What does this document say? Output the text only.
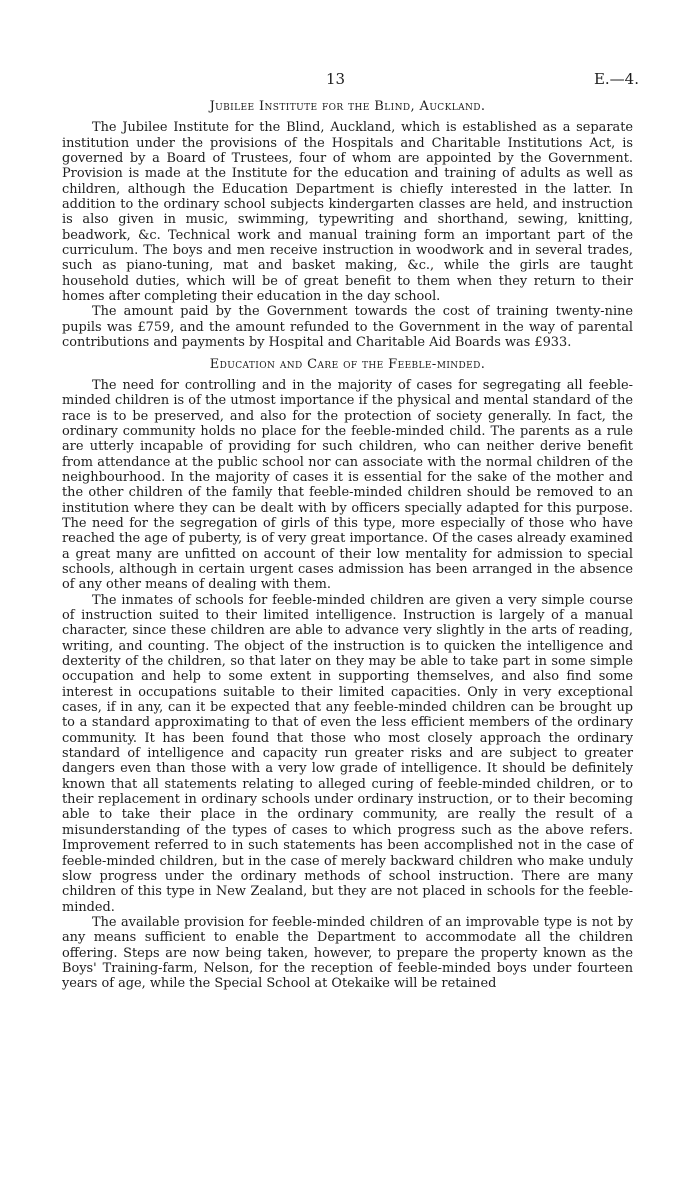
13	E.—4.
Jubilee Institute for the Blind, Auckland.

The Jubilee Institute for the Blind, Auckland, which is established as a separate institution under the provisions of the Hospitals and Charitable Institutions Act, is governed by a Board of Trustees, four of whom are appointed by the Government. Provision is made at the Institute for the education and training of adults as well as children, although the Education Department is chiefly interested in the latter. In addition to the ordinary school subjects kindergarten classes are held, and instruction is also given in music, swimming, typewriting and shorthand, sewing, knitting, beadwork, &c. Technical work and manual training form an important part of the curriculum. The boys and men receive instruction in woodwork and in several trades, such as piano-tuning, mat and basket making, &c., while the girls are taught household duties, which will be of great benefit to them when they return to their homes after completing their education in the day school.

The amount paid by the Government towards the cost of training twenty-nine pupils was £759, and the amount refunded to the Government in the way of parental contributions and payments by Hospital and Charitable Aid Boards was £933.

Education and Care of the Feeble-minded.

The need for controlling and in the majority of cases for segregating all feeble-minded children is of the utmost importance if the physical and mental standard of the race is to be preserved, and also for the protection of society generally. In fact, the ordinary community holds no place for the feeble-minded child. The parents as a rule are utterly incapable of providing for such children, who can neither derive benefit from attendance at the public school nor can associate with the normal children of the neighbourhood. In the majority of cases it is essential for the sake of the mother and the other children of the family that feeble-minded children should be removed to an institution where they can be dealt with by officers specially adapted for this purpose. The need for the segregation of girls of this type, more especially of those who have reached the age of puberty, is of very great importance. Of the cases already examined a great many are unfitted on account of their low mentality for admission to special schools, although in certain urgent cases admission has been arranged in the absence of any other means of dealing with them.

The inmates of schools for feeble-minded children are given a very simple course of instruction suited to their limited intelligence. Instruction is largely of a manual character, since these children are able to advance very slightly in the arts of reading, writing, and counting. The object of the instruction is to quicken the intelligence and dexterity of the children, so that later on they may be able to take part in some simple occupation and help to some extent in supporting themselves, and also find some interest in occupations suitable to their limited capacities. Only in very exceptional cases, if in any, can it be expected that any feeble-minded children can be brought up to a standard approximating to that of even the less efficient members of the ordinary community. It has been found that those who most closely approach the ordinary standard of intelligence and capacity run greater risks and are subject to greater dangers even than those with a very low grade of intelligence. It should be definitely known that all statements relating to alleged curing of feeble-minded children, or to their replacement in ordinary schools under ordinary instruction, or to their becoming able to take their place in the ordinary community, are really the result of a misunderstanding of the types of cases to which progress such as the above refers. Improvement referred to in such statements has been accomplished not in the case of feeble-minded children, but in the case of merely backward children who make unduly slow progress under the ordinary methods of school instruction. There are many children of this type in New Zealand, but they are not placed in schools for the feeble-minded.

The available provision for feeble-minded children of an improvable type is not by any means sufficient to enable the Department to accommodate all the children offering. Steps are now being taken, however, to prepare the property known as the Boys' Training-farm, Nelson, for the reception of feeble-minded boys under fourteen years of age, while the Special School at Otekaike will be retained
